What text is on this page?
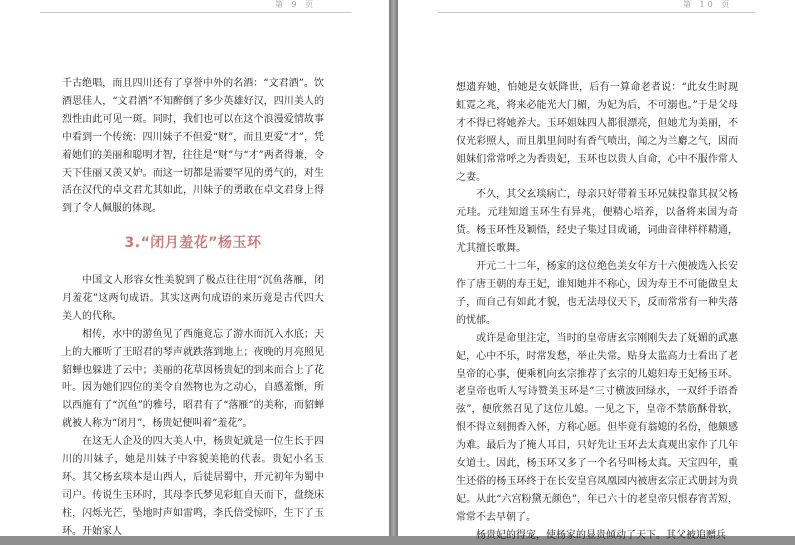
第 9 页

千古绝唱，而且四川还有了享誉中外的名酒：“文君酒”。饮酒思佳人，“文君酒”不知醉倒了多少英雄好汉，四川美人的烈性由此可见一斑。同时，我们也可以在这个浪漫爱情故事中看到一个传统：四川妹子不但爱“财”，而且更爱“才”，凭着她们的美丽和聪明才智，往往是“财”与“才”两者得兼，令天下佳丽又羡又妒。而这一切都是需要罕见的勇气的，对生活在汉代的卓文君尤其如此，川妹子的勇敢在卓文君身上得到了令人佩服的体现。

3.“闭月羞花”杨玉环

中国文人形容女性美貌到了极点往往用“沉鱼落雁，闭月羞花”这两句成语。其实这两句成语的来历竟是古代四大美人的代称。

相传，水中的游鱼见了西施竟忘了游水而沉入水底；天上的大雁听了王昭君的琴声就跌落到地上；夜晚的月亮照见貂蝉也躲进了云中；美丽的花草因杨贵妃的到来而合上了花叶。因为她们四位的美令自然物也为之动心，自感羞惭，所以西施有了“沉鱼”的雅号，昭君有了“落雁”的美称，而貂蝉就被人称为“闭月”，杨贵妃便叫着“羞花”。

在这无人企及的四大美人中，杨贵妃就是一位生长于四川的川妹子，她是川妹子中容貌美艳的代表。贵妃小名玉环。其父杨玄琰本是山西人，后徒居蜀中，开元初年为蜀中司户。传说生玉环时，其母李氏梦见彩虹自天而下，盘绕床柱，闪烁光芒，坠地时声如雷鸣，李氏倍受惊吓，生下了玉环。开始家人

第 10 页

想遗弃她，怕她是女妖降世，后有一算命老者说：“此女生时现虹霓之兆，将来必能光大门楣，为妃为后，不可溺也。”于是父母才不得已将她养大。玉环姐妹四人都很漂亮，但她尤为美丽，不仅光彩照人，而且肌里间时有香气喷出，闻之为兰麝之气，因而姐妹们常常呼之为香贵妃，玉环也以贵人自命，心中不服作常人之妻。

不久，其父玄琰病亡，母亲只好带着玉环兄妹投靠其叔父杨元珪。元珪知道玉环生有异兆，便精心培养，以备将来国为奇货。杨玉环性及颖悟，经史子集过目成诵，词曲音律样样精通，尤其擅长歌舞。

开元二十二年，杨家的这位绝色美女年方十六便被选入长安作了唐王朝的寿王妃，谁知她并不称心，因为寿王不可能做皇太子，而自己有如此才貌，也无法母仪天下，反而常常有一种失落的忧郁。

或许是命里注定，当时的皇帝唐玄宗刚刚失去了妩媚的武惠妃，心中不乐，时常发愁，举止失常。贴身太监高力士看出了老皇帝的心事，便乘机向玄宗推荐了玄宗的儿媳妇寿王妃杨玉环。老皇帝也听人写诗赞美玉环是“三寸横波回绿水，一双纤手语香弦”，便欣然召见了这位儿媳。一见之下，皇帝不禁筋酥骨软，恨不得立刻拥香入怀，方称心愿。但毕竟有翁媳的名份，他颇感为难。最后为了掩人耳目，只好先让玉环去太真观出家作了几年女道士。因此，杨玉环又多了一个名号叫杨太真。天宝四年，重生还俗的杨玉环终于在长安皇宫凤凰园内被唐玄宗正式册封为贵妃。从此“六宫粉黛无颜色”，年已六十的老皇帝只恨春宵苦短，常常不去早朝了。

杨贵妃的得宠，使杨家的显贵倾动了天下。其父被追赠兵
